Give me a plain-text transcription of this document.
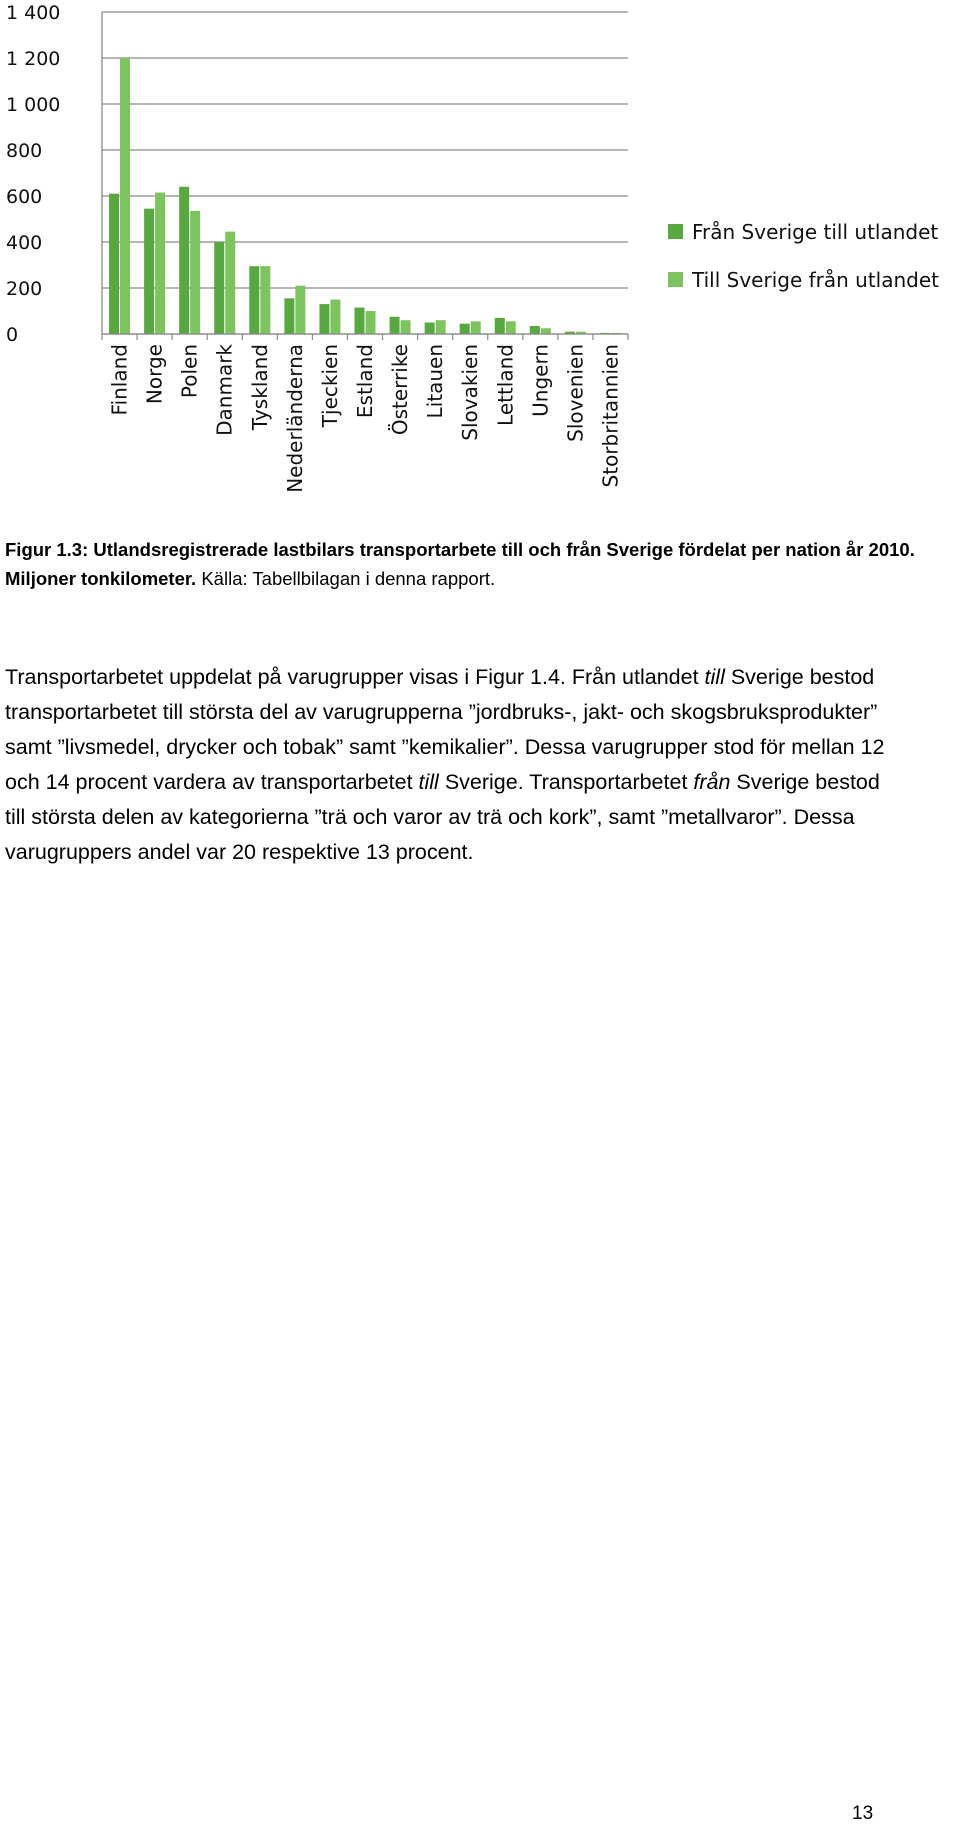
0
200
400
600
800
1 000
1 200
1 400
Finland Norge Polen Danmark Tyskland Nederländerna Tjeckien Estland Österrike Litauen Slovakien Lettland Ungern Slovenien Storbritannien
Från Sverige till utlandet
Till Sverige från utlandet
Figur 1.3: Utlandsregistrerade lastbilars transportarbete till och från Sverige fördelat per nation år 2010. Miljoner tonkilometer. Källa: Tabellbilagan i denna rapport.
Transportarbetet uppdelat på varugrupper visas i Figur 1.4. Från utlandet till Sverige bestod transportarbetet till största del av varugrupperna ”jordbruks-, jakt- och skogsbruksprodukter” samt ”livsmedel, drycker och tobak” samt ”kemikalier”. Dessa varugrupper stod för mellan 12 och 14 procent vardera av transportarbetet till Sverige. Transportarbetet från Sverige bestod till största delen av kategorierna ”trä och varor av trä och kork”, samt ”metallvaror”. Dessa varugruppers andel var 20 respektive 13 procent.
13
